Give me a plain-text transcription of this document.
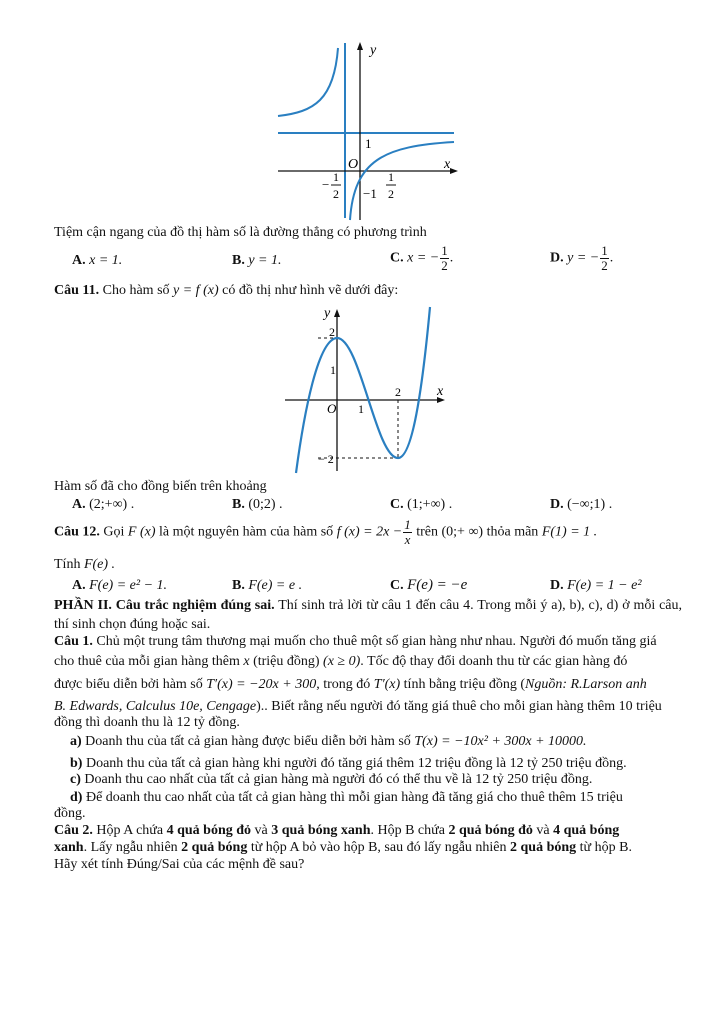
y
x
O
1
−1
− 1
2
1
2
Tiệm cận ngang của đồ thị hàm số là đường thẳng có phương trình
A. x = 1.	B. y = 1.	C. x = − $\frac{1}{2}$ .	D. y = − $\frac{1}{2}$ .
Câu 11. Cho hàm số y = f (x) có đồ thị như hình vẽ dưới đây:
y
x
O
2
1
− 2
1
2
Hàm số đã cho đồng biến trên khoảng
A. (2;+∞) .	B. (0;2) .	C. (1;+∞) .	D. (−∞;1) .
Câu 12. Gọi F (x) là một nguyên hàm của hàm số f $(x) = 2x - \frac{1}{x}$ trên (0;+ ∞) thỏa mãn F(1) = 1 .
Tính F(e) .
A. F(e) = e² − 1.	B. F(e) = e .	C. F(e) = −e	D. F(e) = 1 − e²
PHẦN II. Câu trắc nghiệm đúng sai. Thí sinh trả lời từ câu 1 đến câu 4. Trong mỗi ý a), b), c), d) ở mỗi câu, thí sinh chọn đúng hoặc sai.
Câu 1. Chủ một trung tâm thương mại muốn cho thuê một số gian hàng như nhau. Người đó muốn tăng giá
cho thuê của mỗi gian hàng thêm x (triệu đồng) (x ≥ 0). Tốc độ thay đổi doanh thu từ các gian hàng đó
được biểu diễn bởi hàm số T′(x) = −20x + 300, trong đó T′(x) tính bằng triệu đồng (Nguồn: R.Larson anh
B. Edwards, Calculus 10e, Cengage).. Biết rằng nếu người đó tăng giá thuê cho mỗi gian hàng thêm 10 triệu
đồng thì doanh thu là 12 tỷ đồng.
a) Doanh thu của tất cả gian hàng được biểu diễn bởi hàm số T(x) = −10x² + 300x + 10000.
b) Doanh thu của tất cả gian hàng khi người đó tăng giá thêm 12 triệu đồng là 12 tỷ 250 triệu đồng.
c) Doanh thu cao nhất của tất cả gian hàng mà người đó có thể thu về là 12 tỷ 250 triệu đồng.
d) Để doanh thu cao nhất của tất cả gian hàng thì mỗi gian hàng đã tăng giá cho thuê thêm 15 triệu
đồng.
Câu 2. Hộp A chứa 4 quả bóng đỏ và 3 quả bóng xanh. Hộp B chứa 2 quả bóng đỏ và 4 quả bóng
xanh. Lấy ngẫu nhiên 2 quả bóng từ hộp A bỏ vào hộp B, sau đó lấy ngẫu nhiên 2 quả bóng từ hộp B.
Hãy xét tính Đúng/Sai của các mệnh đề sau?
